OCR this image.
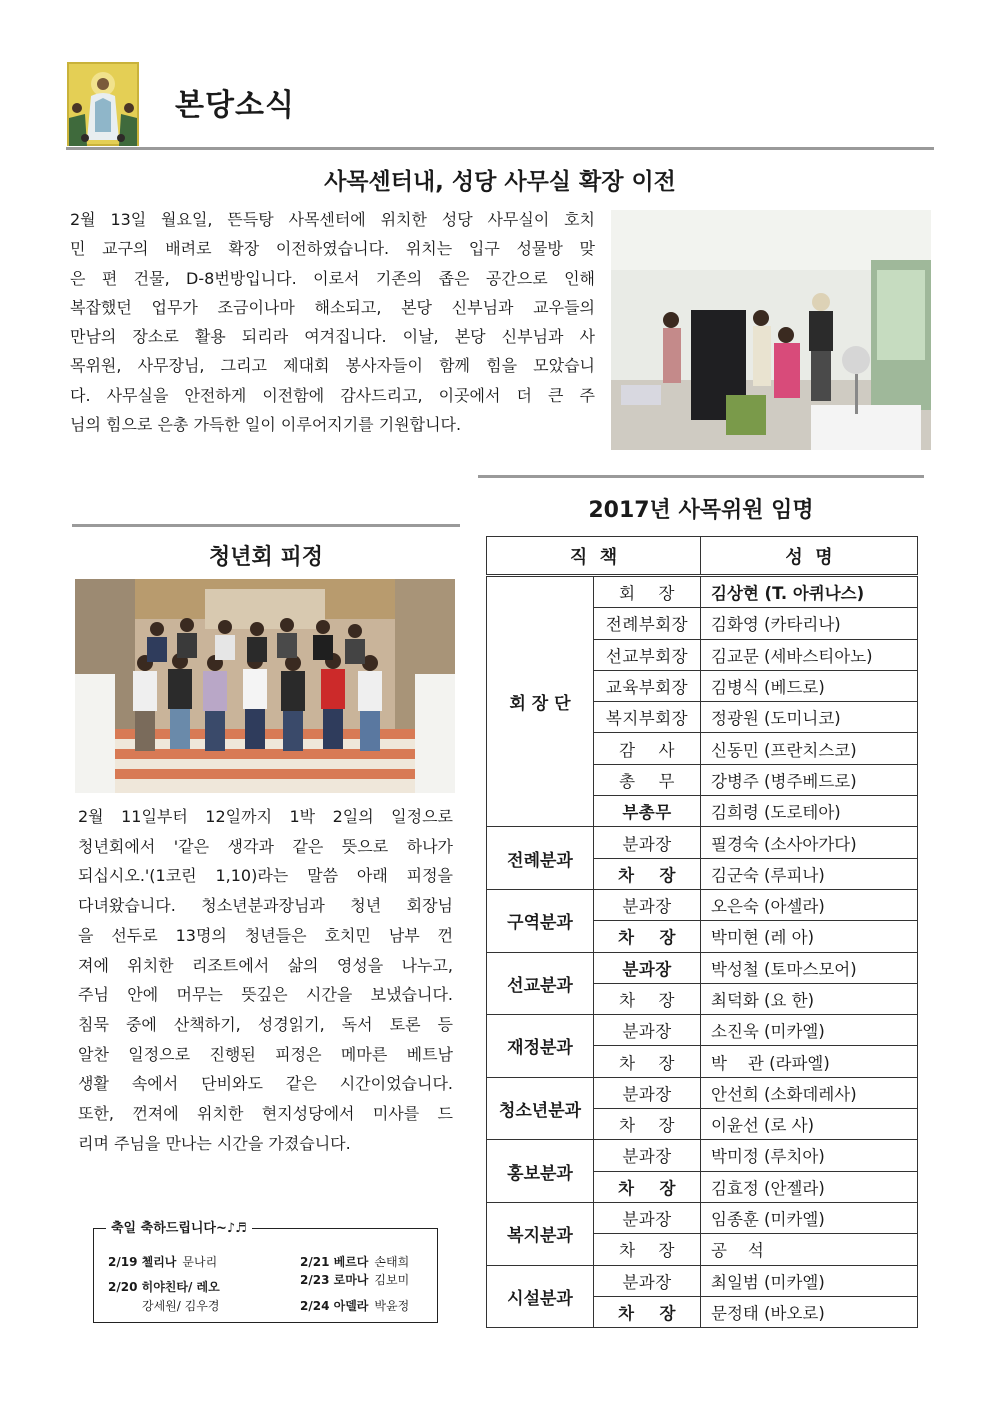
본당소식
사목센터내, 성당 사무실 확장 이전

2월 13일 월요일, 뜬득탕 사목센터에 위치한 성당 사무실이 호치

민 교구의 배려로 확장 이전하였습니다. 위치는 입구 성물방 맞

은 편 건물, D-8번방입니다. 이로서 기존의 좁은 공간으로 인해

복잡했던 업무가 조금이나마 해소되고, 본당 신부님과 교우들의

만남의 장소로 활용 되리라 여겨집니다. 이날, 본당 신부님과 사

목위원, 사무장님, 그리고 제대회 봉사자들이 함께 힘을 모았습니

다. 사무실을 안전하게 이전함에 감사드리고, 이곳에서 더 큰 주

님의 힘으로 은총 가득한 일이 이루어지기를 기원합니다.

2017년 사목위원 임명
직  책		성  명
회 장 단	회    장	김상현 (T. 아퀴나스)
	전례부회장	김화영 (카타리나)
	선교부회장	김교문 (세바스티아노)
	교육부회장	김병식 (베드로)
	복지부회장	정광원 (도미니코)
	감    사	신동민 (프란치스코)
	총    무	강병주 (병주베드로)
	부총무	김희령 (도로테아)
전례분과	분과장	필경숙 (소사아가다)
	차    장	김군숙 (루피나)
구역분과	분과장	오은숙 (아셀라)
	차    장	박미현 (레 아)
선교분과	분과장	박성철 (토마스모어)
	차    장	최덕화 (요 한)
재정분과	분과장	소진욱 (미카엘)
	차    장	박    관 (라파엘)
청소년분과	분과장	안선희 (소화데레사)
	차    장	이윤선 (로 사)
홍보분과	분과장	박미정 (루치아)
	차    장	김효정 (안젤라)
복지분과	분과장	임종훈 (미카엘)
	차    장	공    석
시설분과	분과장	최일범 (미카엘)
	차    장	문정태 (바오로)
청년회 피정

2월 11일부터 12일까지 1박 2일의 일정으로

청년회에서 '같은 생각과 같은 뜻으로 하나가

되십시오.'(1코린 1,10)라는 말씀 아래 피정을

다녀왔습니다. 청소년분과장님과 청년 회장님

을 선두로 13명의 청년들은 호치민 남부 껀

져에 위치한 리조트에서 삶의 영성을 나누고,

주님 안에 머무는 뜻깊은 시간을 보냈습니다.

침묵 중에 산책하기, 성경읽기, 독서 토론 등

알찬 일정으로 진행된 피정은 메마른 베트남

생활 속에서 단비와도 같은 시간이었습니다.

또한, 껀져에 위치한 현지성당에서 미사를 드

리며 주님을 만나는 시간을 가졌습니다.

축일 축하드립니다~♪♬
2/19 첼리나 문나리
2/20 히야친타/ 레오
강세원/ 김우경
2/21 베르다 손태희
2/23 로마나 김보미
2/24 아델라 박윤정
